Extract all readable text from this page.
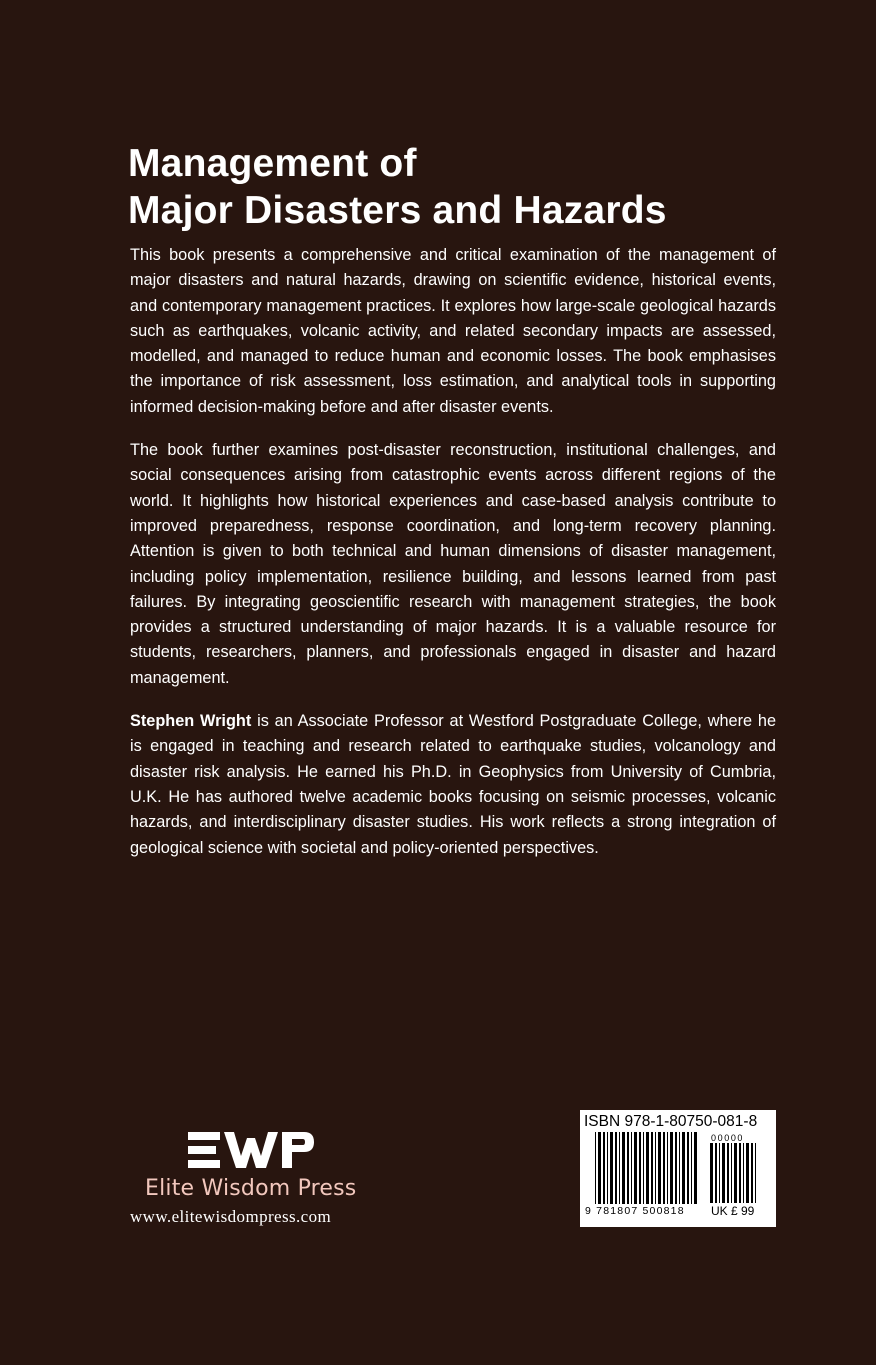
Management of
Major Disasters and Hazards

This book presents a comprehensive and critical examination of the management of major disasters and natural hazards, drawing on scientific evidence, historical events, and contemporary management practices. It explores how large-scale geological hazards such as earthquakes, volcanic activity, and related secondary impacts are assessed, modelled, and managed to reduce human and economic losses. The book emphasises the importance of risk assessment, loss estimation, and analytical tools in supporting informed decision-making before and after disaster events.

The book further examines post-disaster reconstruction, institutional challenges, and social consequences arising from catastrophic events across different regions of the world. It highlights how historical experiences and case-based analysis contribute to improved preparedness, response coordination, and long-term recovery planning. Attention is given to both technical and human dimensions of disaster management, including policy implementation, resilience building, and lessons learned from past failures. By integrating geoscientific research with management strategies, the book provides a structured understanding of major hazards. It is a valuable resource for students, researchers, planners, and professionals engaged in disaster and hazard management.

Stephen Wright is an Associate Professor at Westford Postgraduate College, where he is engaged in teaching and research related to earthquake studies, volcanology and disaster risk analysis. He earned his Ph.D. in Geophysics from University of Cumbria, U.K. He has authored twelve academic books focusing on seismic processes, volcanic hazards, and interdisciplinary disaster studies. His work reflects a strong integration of geological science with societal and policy-oriented perspectives.

Elite Wisdom Press
www.elitewisdompress.com
ISBN 978-1-80750-081-8
9 781807 500818
00000
UK £ 99
